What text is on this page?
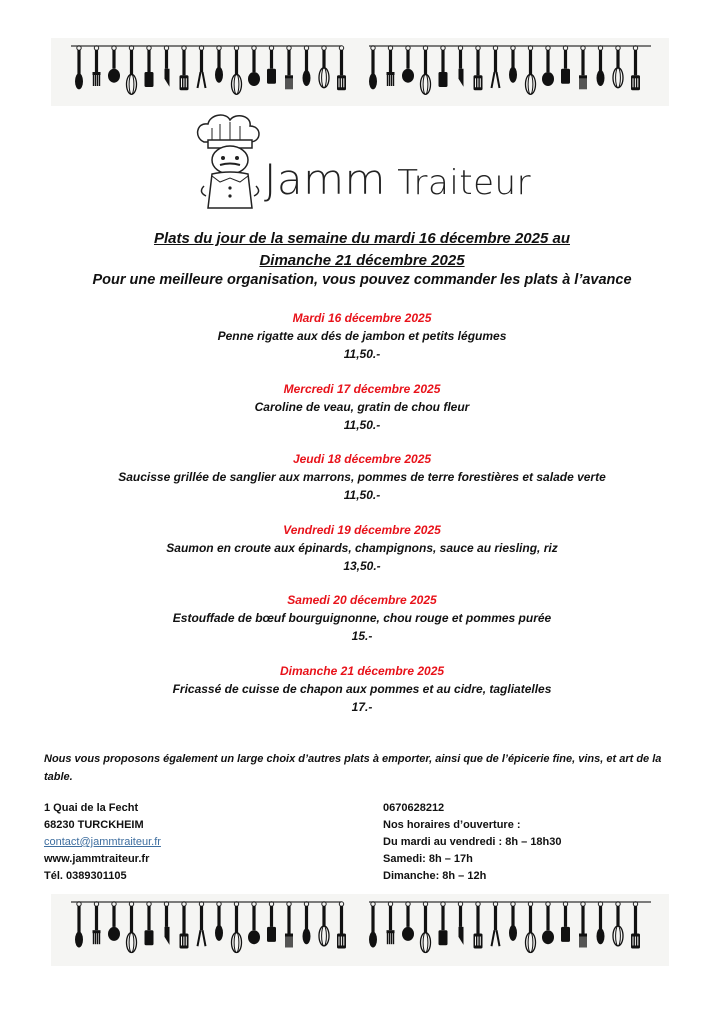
Jamm Traiteur
Plats du jour de la semaine du mardi 16 décembre 2025 au
Dimanche 21 décembre 2025
Pour une meilleure organisation, vous pouvez commander les plats à l’avance
Mardi 16 décembre 2025
Penne rigatte aux dés de jambon et petits légumes
11,50.-
Mercredi 17 décembre 2025
Caroline de veau, gratin de chou fleur
11,50.-
Jeudi 18 décembre 2025
Saucisse grillée de sanglier aux marrons, pommes de terre forestières et salade verte
11,50.-
Vendredi 19 décembre 2025
Saumon en croute aux épinards, champignons, sauce au riesling, riz
13,50.-
Samedi 20 décembre 2025
Estouffade de bœuf bourguignonne, chou rouge et pommes purée
15.-
Dimanche 21 décembre 2025
Fricassé de cuisse de chapon aux pommes et au cidre, tagliatelles
17.-
Nous vous proposons également un large choix d’autres plats à emporter, ainsi que de l’épicerie fine, vins, et art de la table.
1 Quai de la Fecht
68230 TURCKHEIM
contact@jammtraiteur.fr
www.jammtraiteur.fr
Tél. 0389301105
0670628212
Nos horaires d’ouverture :
Du mardi au vendredi : 8h – 18h30
Samedi: 8h – 17h
Dimanche: 8h – 12h
